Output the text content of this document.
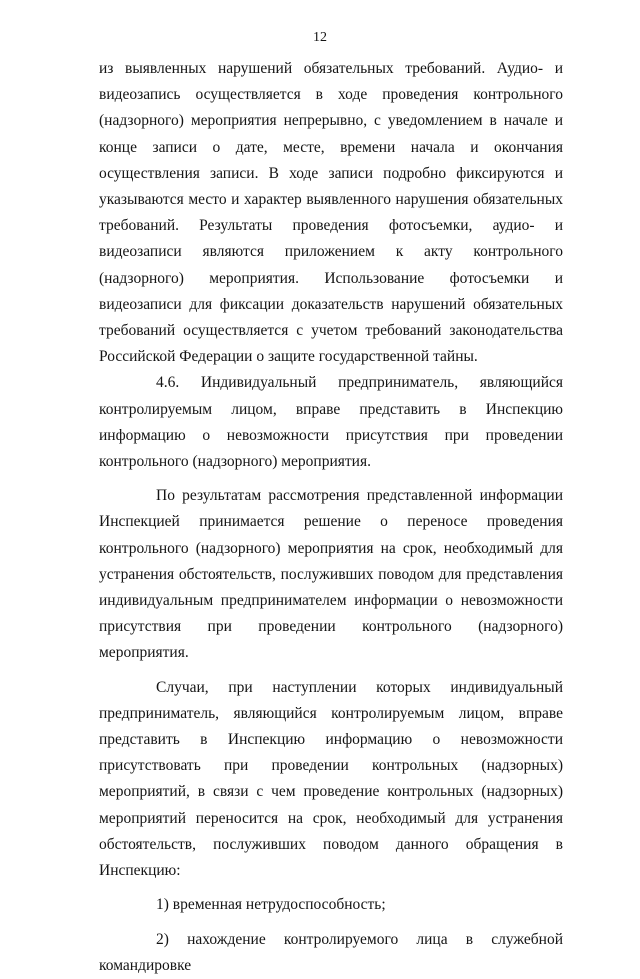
12

из выявленных нарушений обязательных требований. Аудио- и видеозапись осуществляется в ходе проведения контрольного (надзорного) мероприятия непрерывно, с уведомлением в начале и конце записи о дате, месте, времени начала и окончания осуществления записи. В ходе записи подробно фиксируются и указываются место и характер выявленного нарушения обязательных требований. Результаты проведения фотосъемки, аудио- и видеозаписи являются приложением к акту контрольного (надзорного) мероприятия. Использование фотосъемки и видеозаписи для фиксации доказательств нарушений обязательных требований осуществляется с учетом требований законодательства Российской Федерации о защите государственной тайны.

4.6. Индивидуальный предприниматель, являющийся контролируемым лицом, вправе представить в Инспекцию информацию о невозможности присутствия при проведении контрольного (надзорного) мероприятия.

По результатам рассмотрения представленной информации Инспекцией принимается решение о переносе проведения контрольного (надзорного) мероприятия на срок, необходимый для устранения обстоятельств, послуживших поводом для представления индивидуальным предпринимателем информации о невозможности присутствия при проведении контрольного (надзорного) мероприятия.

Случаи, при наступлении которых индивидуальный предприниматель, являющийся контролируемым лицом, вправе представить в Инспекцию информацию о невозможности присутствовать при проведении контрольных (надзорных) мероприятий, в связи с чем проведение контрольных (надзорных) мероприятий переносится на срок, необходимый для устранения обстоятельств, послуживших поводом данного обращения в Инспекцию:

1) временная нетрудоспособность;

2) нахождение контролируемого лица в служебной командировке
